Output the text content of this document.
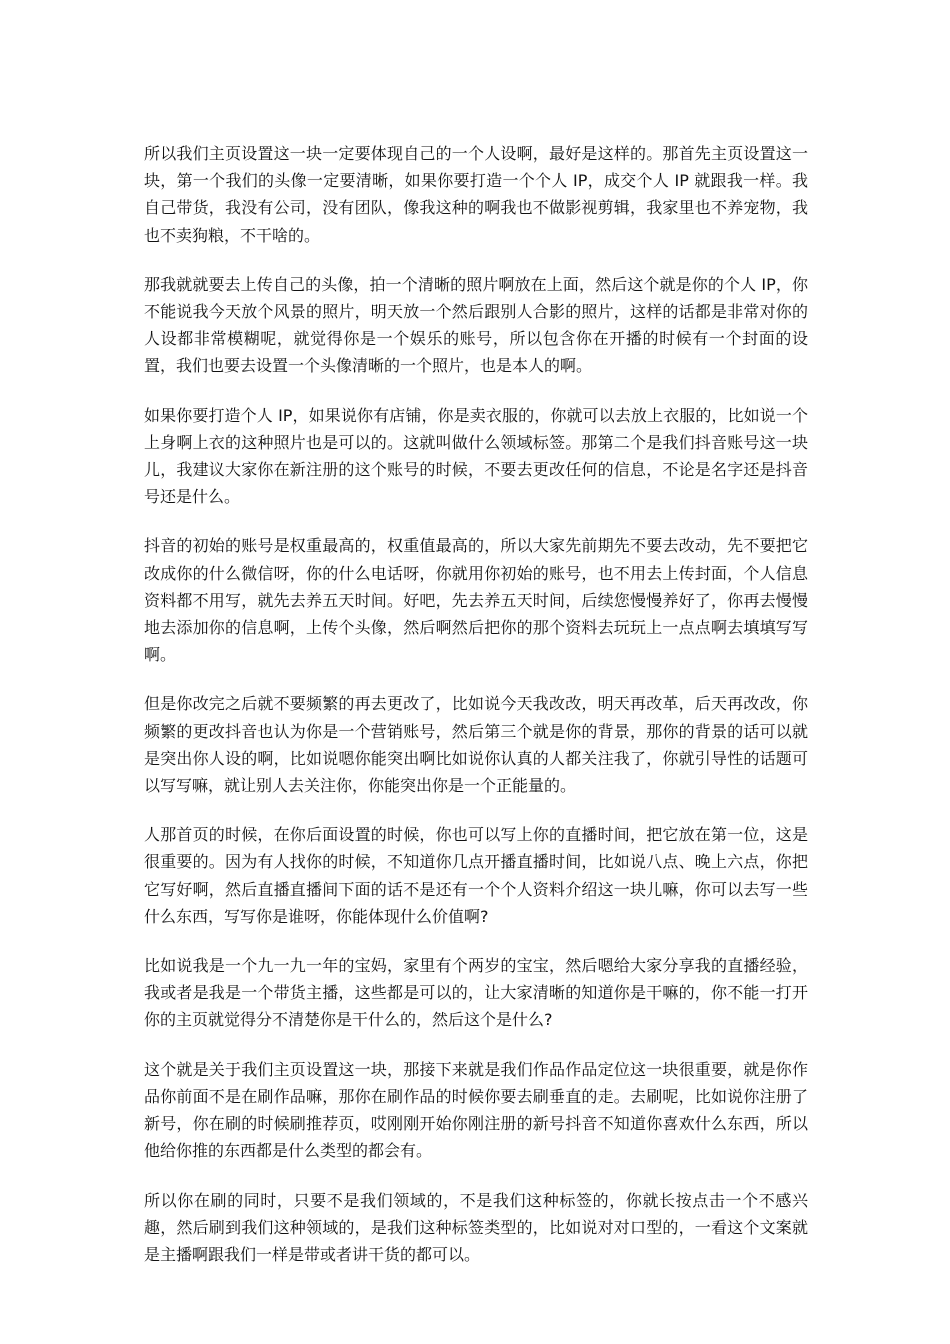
所以我们主页设置这一块一定要体现自己的一个人设啊，最好是这样的。那首先主页设置这一块，第一个我们的头像一定要清晰，如果你要打造一个个人 IP，成交个人 IP 就跟我一样。我自己带货，我没有公司，没有团队，像我这种的啊我也不做影视剪辑，我家里也不养宠物，我也不卖狗粮，不干啥的。

那我就就要去上传自己的头像，拍一个清晰的照片啊放在上面，然后这个就是你的个人 IP，你不能说我今天放个风景的照片，明天放一个然后跟别人合影的照片，这样的话都是非常对你的人设都非常模糊呢，就觉得你是一个娱乐的账号，所以包含你在开播的时候有一个封面的设置，我们也要去设置一个头像清晰的一个照片，也是本人的啊。

如果你要打造个人 IP，如果说你有店铺，你是卖衣服的，你就可以去放上衣服的，比如说一个上身啊上衣的这种照片也是可以的。这就叫做什么领域标签。那第二个是我们抖音账号这一块儿，我建议大家你在新注册的这个账号的时候，不要去更改任何的信息，不论是名字还是抖音号还是什么。

抖音的初始的账号是权重最高的，权重值最高的，所以大家先前期先不要去改动，先不要把它改成你的什么微信呀，你的什么电话呀，你就用你初始的账号，也不用去上传封面，个人信息资料都不用写，就先去养五天时间。好吧，先去养五天时间，后续您慢慢养好了，你再去慢慢地去添加你的信息啊，上传个头像，然后啊然后把你的那个资料去玩玩上一点点啊去填填写写啊。

但是你改完之后就不要频繁的再去更改了，比如说今天我改改，明天再改革，后天再改改，你频繁的更改抖音也认为你是一个营销账号，然后第三个就是你的背景，那你的背景的话可以就是突出你人设的啊，比如说嗯你能突出啊比如说你认真的人都关注我了，你就引导性的话题可以写写嘛，就让别人去关注你，你能突出你是一个正能量的。

人那首页的时候，在你后面设置的时候，你也可以写上你的直播时间，把它放在第一位，这是很重要的。因为有人找你的时候，不知道你几点开播直播时间，比如说八点、晚上六点，你把它写好啊，然后直播直播间下面的话不是还有一个个人资料介绍这一块儿嘛，你可以去写一些什么东西，写写你是谁呀，你能体现什么价值啊?

比如说我是一个九一九一年的宝妈，家里有个两岁的宝宝，然后嗯给大家分享我的直播经验，我或者是我是一个带货主播，这些都是可以的，让大家清晰的知道你是干嘛的，你不能一打开你的主页就觉得分不清楚你是干什么的，然后这个是什么?

这个就是关于我们主页设置这一块，那接下来就是我们作品作品定位这一块很重要，就是你作品你前面不是在刷作品嘛，那你在刷作品的时候你要去刷垂直的走。去刷呢，比如说你注册了新号，你在刷的时候刷推荐页，哎刚刚开始你刚注册的新号抖音不知道你喜欢什么东西，所以他给你推的东西都是什么类型的都会有。

所以你在刷的同时，只要不是我们领域的，不是我们这种标签的，你就长按点击一个不感兴趣，然后刷到我们这种领域的，是我们这种标签类型的，比如说对对口型的，一看这个文案就是主播啊跟我们一样是带或者讲干货的都可以。
